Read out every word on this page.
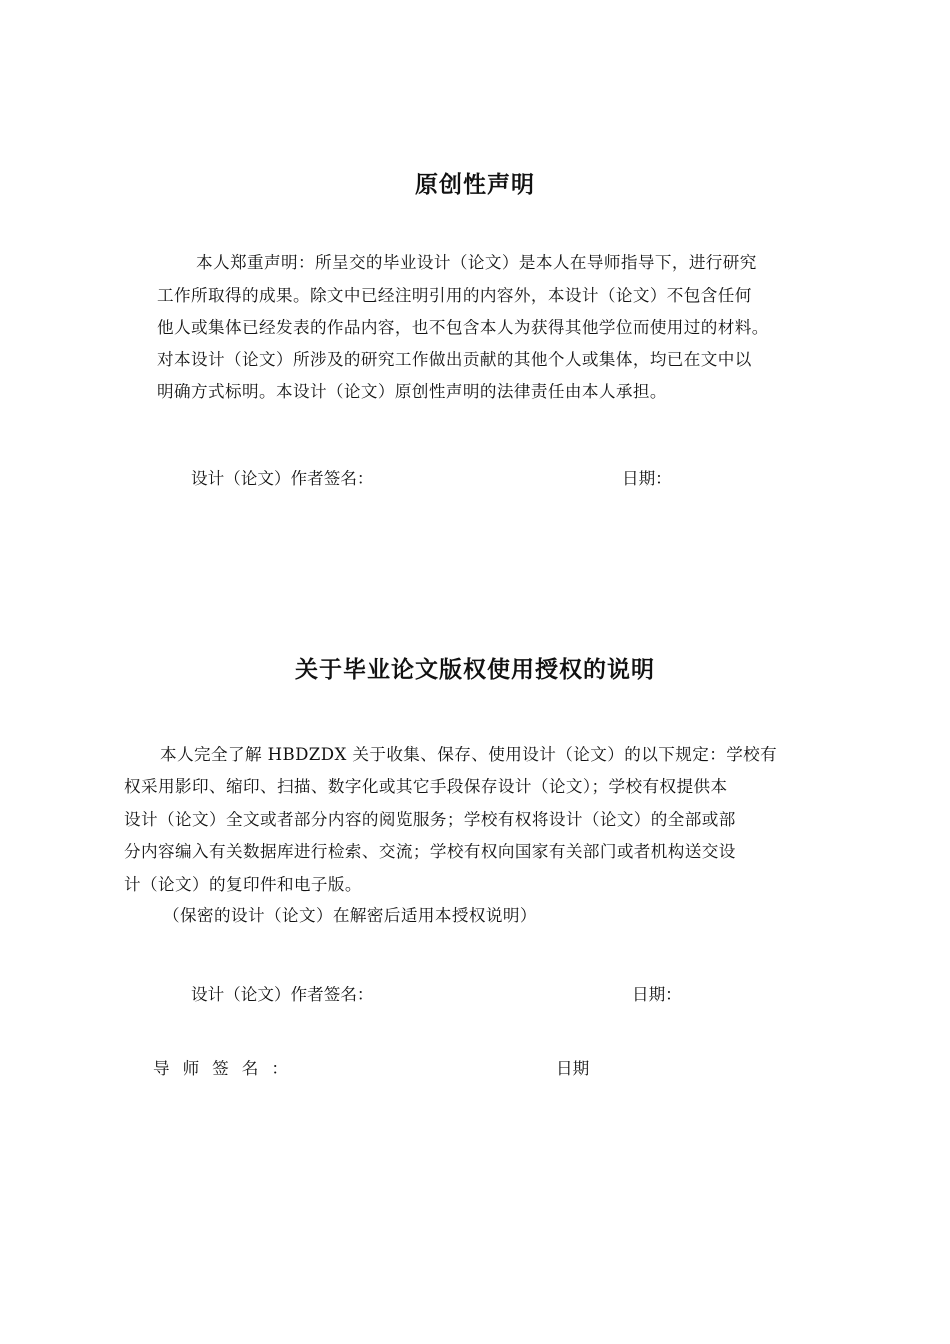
原创性声明
本人郑重声明：所呈交的毕业设计（论文）是本人在导师指导下，进行研究
工作所取得的成果。除文中已经注明引用的内容外，本设计（论文）不包含任何
他人或集体已经发表的作品内容，也不包含本人为获得其他学位而使用过的材料。
对本设计（论文）所涉及的研究工作做出贡献的其他个人或集体，均已在文中以
明确方式标明。本设计（论文）原创性声明的法律责任由本人承担。
设计（论文）作者签名：	日期：
关于毕业论文版权使用授权的说明
本人完全了解 HBDZDX 关于收集、保存、使用设计（论文）的以下规定：学校有
权采用影印、缩印、扫描、数字化或其它手段保存设计（论文）；学校有权提供本
设计（论文）全文或者部分内容的阅览服务；学校有权将设计（论文）的全部或部
分内容编入有关数据库进行检索、交流；学校有权向国家有关部门或者机构送交设
计（论文）的复印件和电子版。
（保密的设计（论文）在解密后适用本授权说明）
设计（论文）作者签名：	日期：
导师签名：	日期
